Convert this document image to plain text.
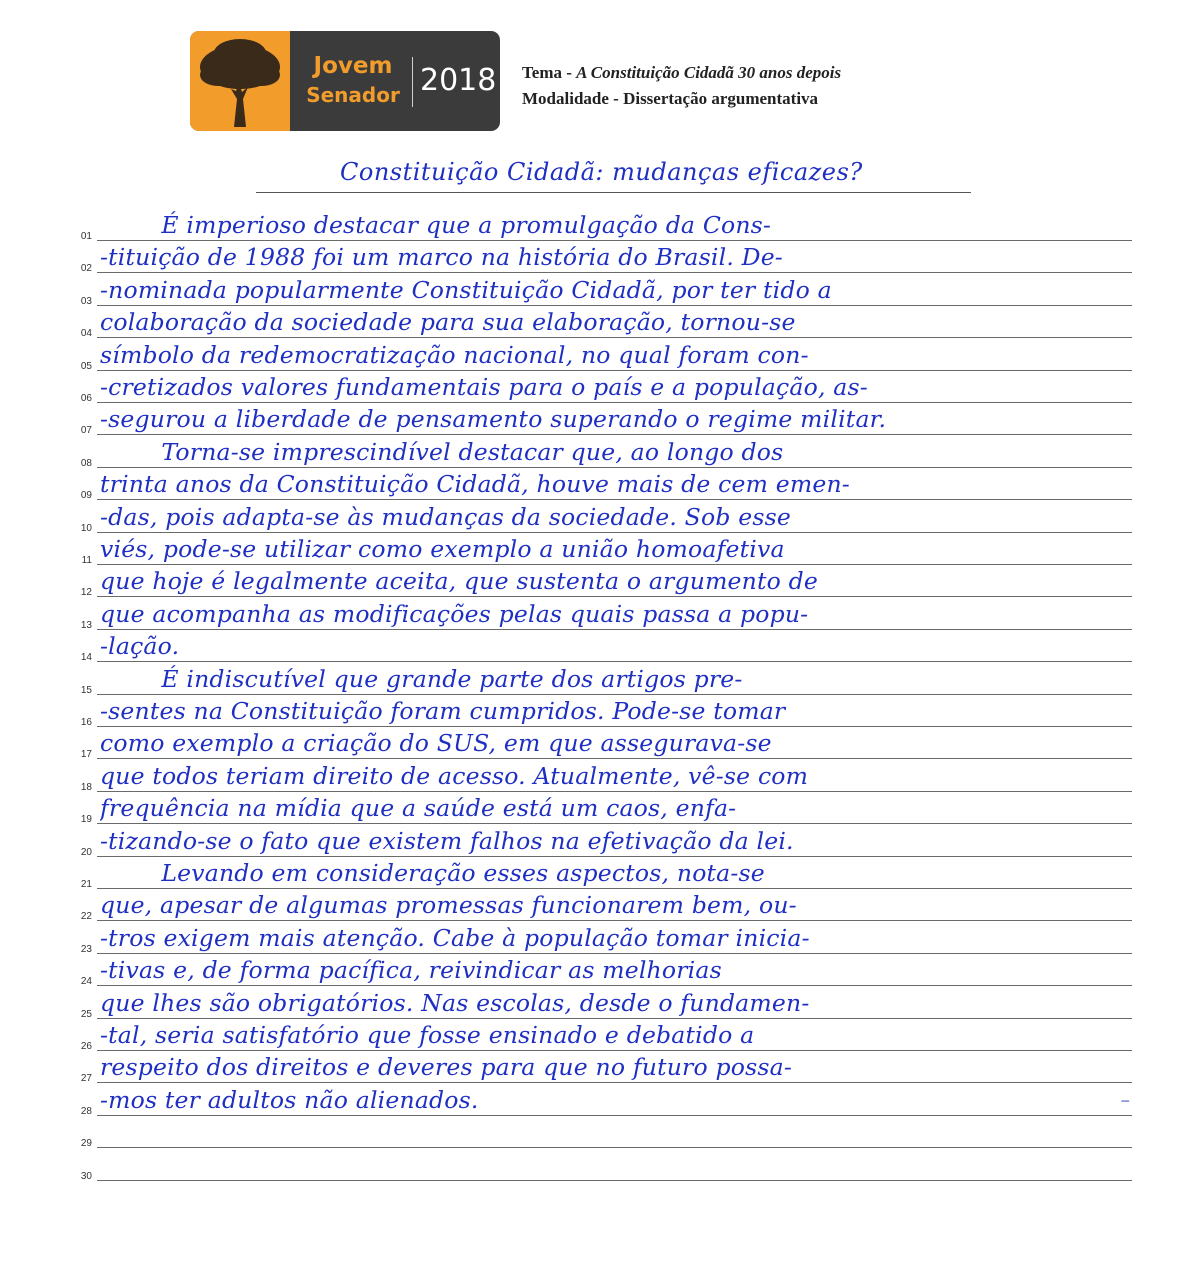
Jovem
Senador 2018 Tema - A Constituição Cidadã 30 anos depois
Modalidade - Dissertação argumentativa
Constituição Cidadã: mudanças eficazes?
01 É imperioso destacar que a promulgação da Cons-
02 -tituição de 1988 foi um marco na história do Brasil. De-
03 -nominada popularmente Constituição Cidadã, por ter tido a
04 colaboração da sociedade para sua elaboração, tornou-se
05 símbolo da redemocratização nacional, no qual foram con-
06 -cretizados valores fundamentais para o país e a população, as-
07 -segurou a liberdade de pensamento superando o regime militar.
08 Torna-se imprescindível destacar que, ao longo dos
09 trinta anos da Constituição Cidadã, houve mais de cem emen-
10 -das, pois adapta-se às mudanças da sociedade. Sob esse
11 viés, pode-se utilizar como exemplo a união homoafetiva
12 que hoje é legalmente aceita, que sustenta o argumento de
13 que acompanha as modificações pelas quais passa a popu-
14 -lação.
15 É indiscutível que grande parte dos artigos pre-
16 -sentes na Constituição foram cumpridos. Pode-se tomar
17 como exemplo a criação do SUS, em que assegurava-se
18 que todos teriam direito de acesso. Atualmente, vê-se com
19 frequência na mídia que a saúde está um caos, enfa-
20 -tizando-se o fato que existem falhos na efetivação da lei.
21 Levando em consideração esses aspectos, nota-se
22 que, apesar de algumas promessas funcionarem bem, ou-
23 -tros exigem mais atenção. Cabe à população tomar inicia-
24 -tivas e, de forma pacífica, reivindicar as melhorias
25 que lhes são obrigatórios. Nas escolas, desde o fundamen-
26 -tal, seria satisfatório que fosse ensinado e debatido a
27 respeito dos direitos e deveres para que no futuro possa-
28 -mos ter adultos não alienados.
29
30
⁻
